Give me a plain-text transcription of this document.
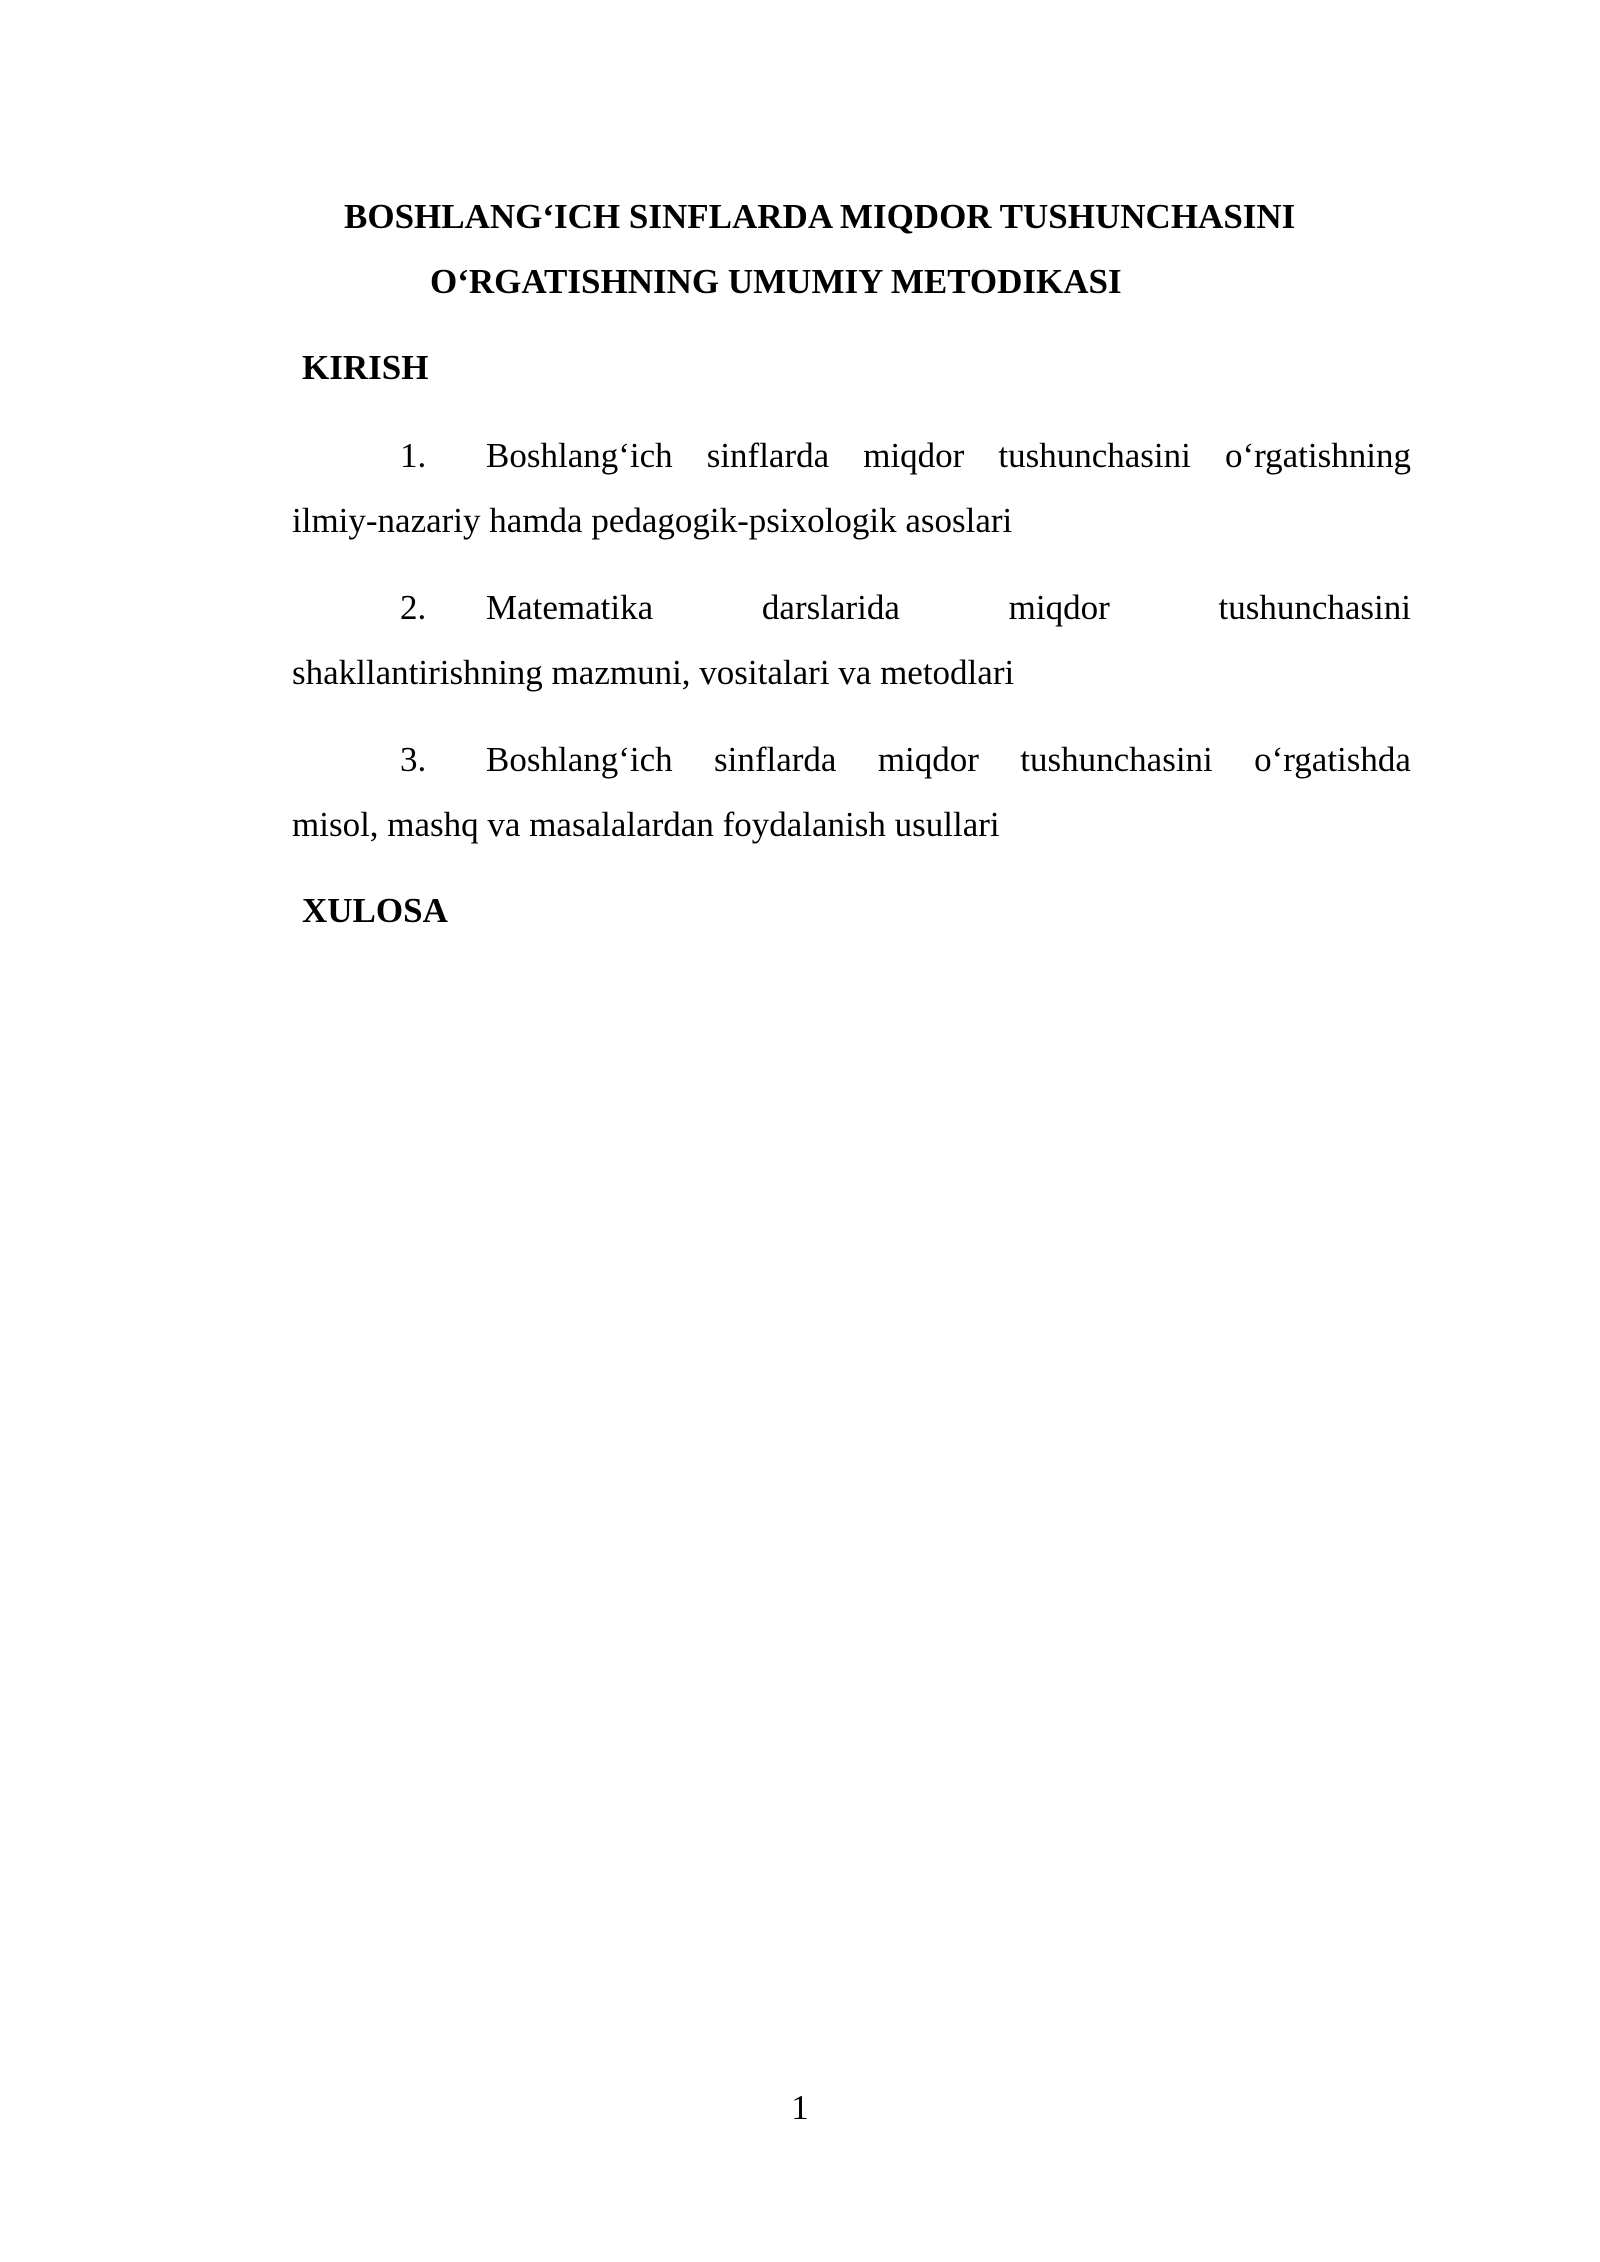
BOSHLANG‘ICH SINFLARDA MIQDOR TUSHUNCHASINI
O‘RGATISHNING UMUMIY METODIKASI
KIRISH
1. Boshlang‘ich sinflarda miqdor tushunchasini o‘rgatishning
ilmiy-nazariy hamda pedagogik-psixologik asoslari
2. Matematika	darslarida	miqdor	tushunchasini
shakllantirishning mazmuni, vositalari va metodlari
3. Boshlang‘ich sinflarda miqdor tushunchasini o‘rgatishda
misol, mashq va masalalardan foydalanish usullari
XULOSA
1
